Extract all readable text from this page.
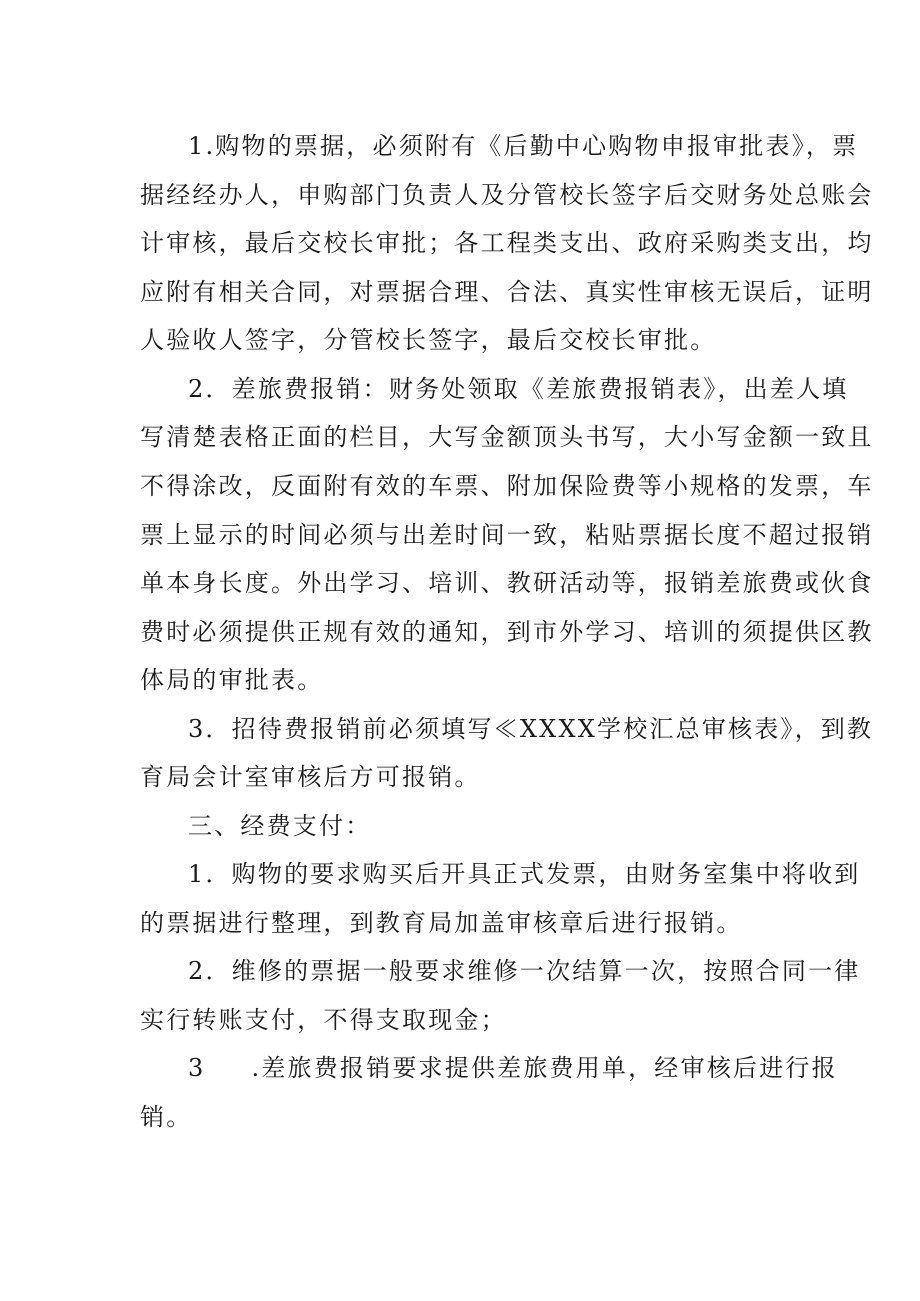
1.购物的票据，必须附有《后勤中心购物申报审批表》，票
据经经办人，申购部门负责人及分管校长签字后交财务处总账会
计审核，最后交校长审批；各工程类支出、政府采购类支出，均
应附有相关合同，对票据合理、合法、真实性审核无误后，证明
人验收人签字，分管校长签字，最后交校长审批。
2．差旅费报销：财务处领取《差旅费报销表》，出差人填
写清楚表格正面的栏目，大写金额顶头书写，大小写金额一致且
不得涂改，反面附有效的车票、附加保险费等小规格的发票，车
票上显示的时间必须与出差时间一致，粘贴票据长度不超过报销
单本身长度。外出学习、培训、教研活动等，报销差旅费或伙食
费时必须提供正规有效的通知，到市外学习、培训的须提供区教
体局的审批表。
3．招待费报销前必须填写≪XXXX学校汇总审核表》，到教
育局会计室审核后方可报销。
三、经费支付：
1．购物的要求购买后开具正式发票，由财务室集中将收到
的票据进行整理，到教育局加盖审核章后进行报销。
2．维修的票据一般要求维修一次结算一次，按照合同一律
实行转账支付，不得支取现金；
3 .差旅费报销要求提供差旅费用单，经审核后进行报
销。
